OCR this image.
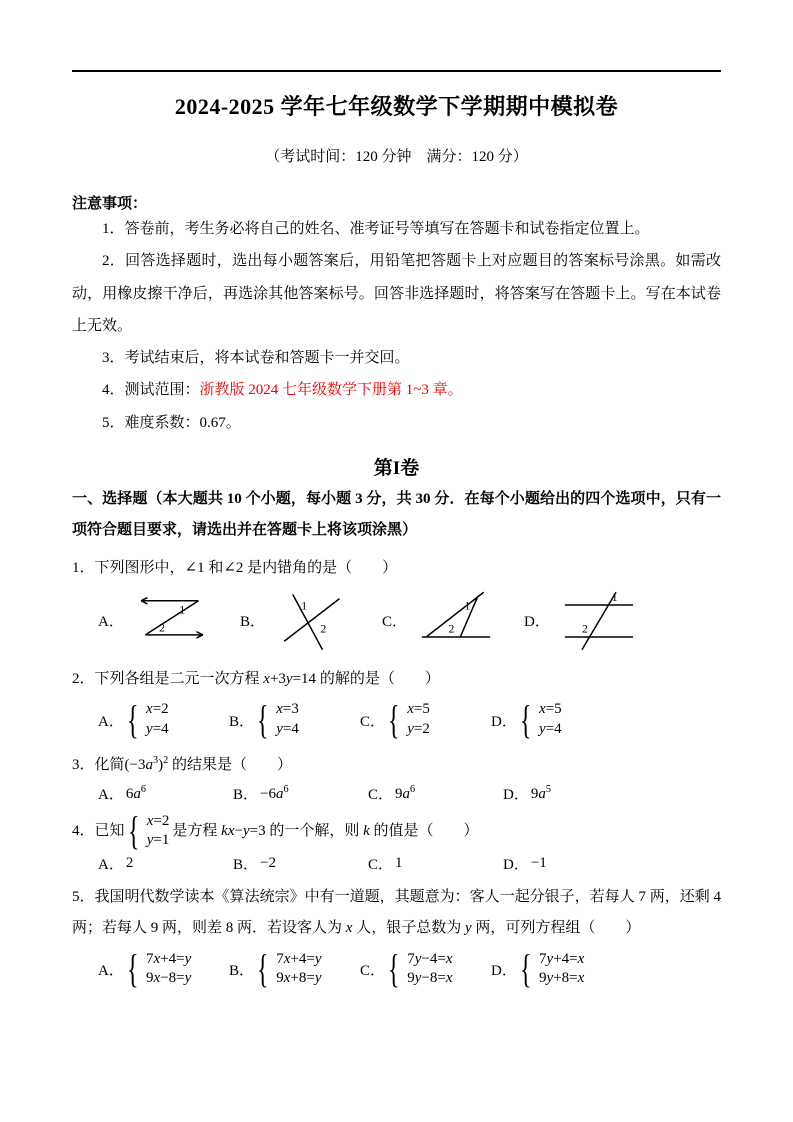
2024-2025 学年七年级数学下学期期中模拟卷

（考试时间：120 分钟　满分：120 分）

注意事项：

1．答卷前，考生务必将自己的姓名、准考证号等填写在答题卡和试卷指定位置上。

2．回答选择题时，选出每小题答案后，用铅笔把答题卡上对应题目的答案标号涂黑。如需改动，用橡皮擦干净后，再选涂其他答案标号。回答非选择题时，将答案写在答题卡上。写在本试卷上无效。

3．考试结束后，将本试卷和答题卡一并交回。

4．测试范围：浙教版 2024 七年级数学下册第 1~3 章。

5．难度系数：0.67。

第I卷

一、选择题（本大题共 10 个小题，每小题 3 分，共 30 分．在每个小题给出的四个选项中，只有一项符合题目要求，请选出并在答题卡上将该项涂黑）

1．下列图形中，∠1 和∠2 是内错角的是（　　）

A．
1
2	B．
1
2	C．
1
2	D．
1
2

2．下列各组是二元一次方程 x+3y=14 的解的是（　　）

A． { x=2
y=4	B． { x=3
y=4	C． { x=5
y=2	D． { x=5
y=4

3．化简$(-3a^3)^2$ 的结果是（　　）

A． $6a^6$	B． $-6a^6$	C． $9a^6$	D． $9a^5$

4．已知 { x=2
y=1
是方程 kx−y=3 的一个解，则 k 的值是（　　）

A． 2	B． −2	C． 1	D． −1

5．我国明代数学读本《算法统宗》中有一道题，其题意为：客人一起分银子，若每人 7 两，还剩 4 两；若每人 9 两，则差 8 两．若设客人为 x 人，银子总数为 y 两，可列方程组（　　）

A． { 7x+4=y
9x−8=y	B． { 7x+4=y
9x+8=y	C． { 7y−4=x
9y−8=x	D． { 7y+4=x
9y+8=x
